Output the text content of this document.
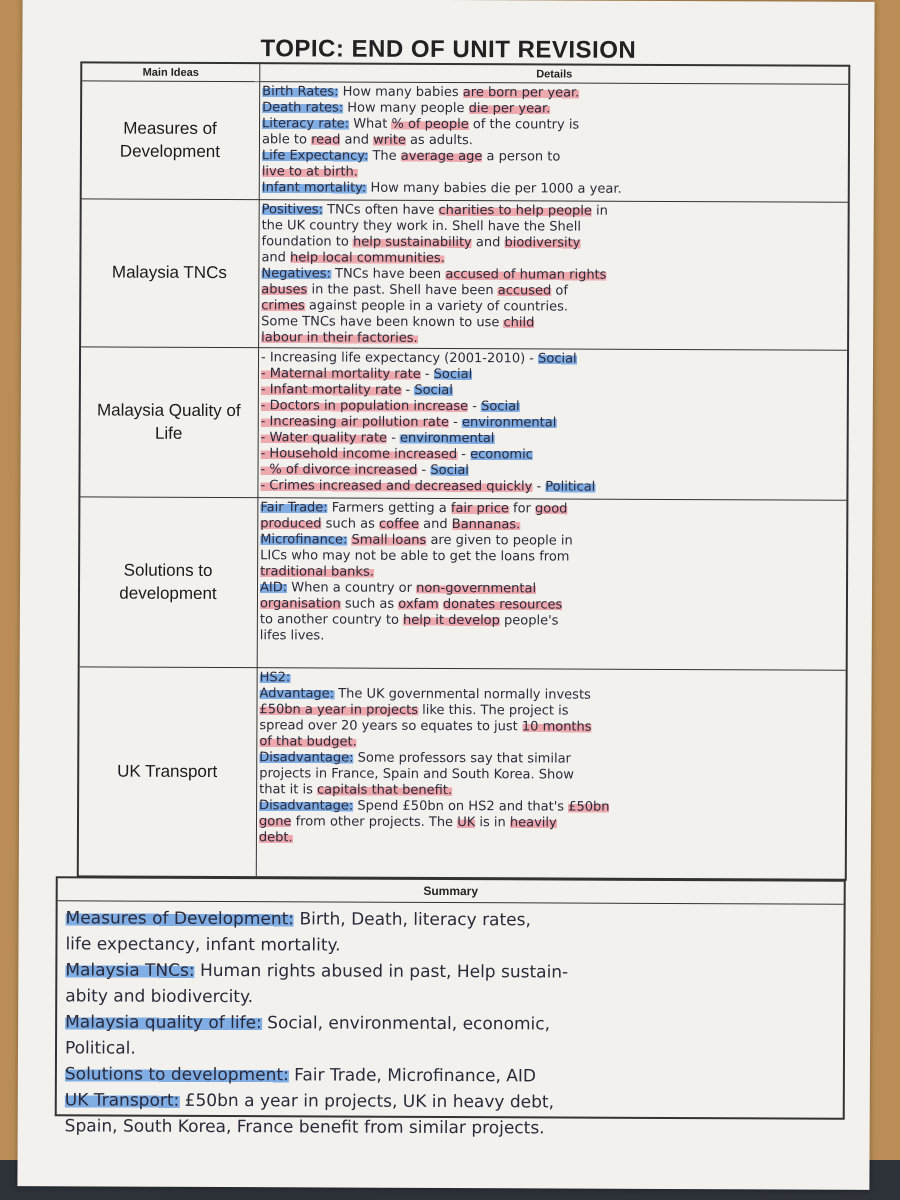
TOPIC: END OF UNIT REVISION
Main Ideas	Details
Measures of Development
Birth Rates: How many babies are born per year.
Death rates: How many people die per year.
Literacy rate: What % of people of the country is
able to read and write as adults.
Life Expectancy: The average age a person to
live to at birth.
Infant mortality: How many babies die per 1000 a year.
Malaysia TNCs
Positives: TNCs often have charities to help people in
the UK country they work in. Shell have the Shell
foundation to help sustainability and biodiversity
and help local communities.
Negatives: TNCs have been accused of human rights
abuses in the past. Shell have been accused of
crimes against people in a variety of countries.
Some TNCs have been known to use child
labour in their factories.
Malaysia Quality of Life
- Increasing life expectancy (2001-2010) - Social
- Maternal mortality rate - Social
- Infant mortality rate - Social
- Doctors in population increase - Social
- Increasing air pollution rate - environmental
- Water quality rate - environmental
- Household income increased - economic
- % of divorce increased - Social
- Crimes increased and decreased quickly - Political
Solutions to development
Fair Trade: Farmers getting a fair price for good
produced such as coffee and Bannanas.
Microfinance: Small loans are given to people in
LICs who may not be able to get the loans from
traditional banks.
AID: When a country or non-governmental
organisation such as oxfam donates resources
to another country to help it develop people's
lifes lives.
UK Transport
HS2:
Advantage: The UK governmental normally invests
£50bn a year in projects like this. The project is
spread over 20 years so equates to just 10 months
of that budget.
Disadvantage: Some professors say that similar
projects in France, Spain and South Korea. Show
that it is capitals that benefit.
Disadvantage: Spend £50bn on HS2 and that's £50bn
gone from other projects. The UK is in heavily
debt.
Summary
Measures of Development: Birth, Death, literacy rates,
life expectancy, infant mortality.
Malaysia TNCs: Human rights abused in past, Help sustain-
abity and biodivercity.
Malaysia quality of life: Social, environmental, economic,
Political.
Solutions to development: Fair Trade, Microfinance, AID
UK Transport: £50bn a year in projects, UK in heavy debt,
Spain, South Korea, France benefit from similar projects.
